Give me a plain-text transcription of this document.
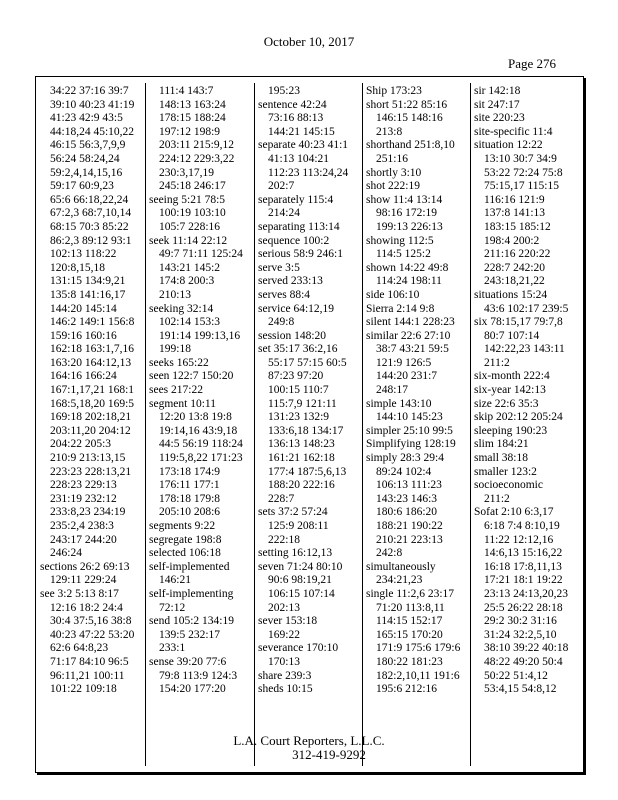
October 10, 2017
Page 276
34:22 37:16 39:7
39:10 40:23 41:19
41:23 42:9 43:5
44:18,24 45:10,22
46:15 56:3,7,9,9
56:24 58:24,24
59:2,4,14,15,16
59:17 60:9,23
65:6 66:18,22,24
67:2,3 68:7,10,14
68:15 70:3 85:22
86:2,3 89:12 93:1
102:13 118:22
120:8,15,18
131:15 134:9,21
135:8 141:16,17
144:20 145:14
146:2 149:1 156:8
159:16 160:16
162:18 163:1,7,16
163:20 164:12,13
164:16 166:24
167:1,17,21 168:1
168:5,18,20 169:5
169:18 202:18,21
203:11,20 204:12
204:22 205:3
210:9 213:13,15
223:23 228:13,21
228:23 229:13
231:19 232:12
233:8,23 234:19
235:2,4 238:3
243:17 244:20
246:24
sections 26:2 69:13
129:11 229:24
see 3:2 5:13 8:17
12:16 18:2 24:4
30:4 37:5,16 38:8
40:23 47:22 53:20
62:6 64:8,23
71:17 84:10 96:5
96:11,21 100:11
101:22 109:18
111:4 143:7
148:13 163:24
178:15 188:24
197:12 198:9
203:11 215:9,12
224:12 229:3,22
230:3,17,19
245:18 246:17
seeing 5:21 78:5
100:19 103:10
105:7 228:16
seek 11:14 22:12
49:7 71:11 125:24
143:21 145:2
174:8 200:3
210:13
seeking 32:14
102:14 153:3
191:14 199:13,16
199:18
seeks 165:22
seen 122:7 150:20
sees 217:22
segment 10:11
12:20 13:8 19:8
19:14,16 43:9,18
44:5 56:19 118:24
119:5,8,22 171:23
173:18 174:9
176:11 177:1
178:18 179:8
205:10 208:6
segments 9:22
segregate 198:8
selected 106:18
self-implemented
146:21
self-implementing
72:12
send 105:2 134:19
139:5 232:17
233:1
sense 39:20 77:6
79:8 113:9 124:3
154:20 177:20
195:23
sentence 42:24
73:16 88:13
144:21 145:15
separate 40:23 41:1
41:13 104:21
112:23 113:24,24
202:7
separately 115:4
214:24
separating 113:14
sequence 100:2
serious 58:9 246:1
serve 3:5
served 233:13
serves 88:4
service 64:12,19
249:8
session 148:20
set 35:17 36:2,16
55:17 57:15 60:5
87:23 97:20
100:15 110:7
115:7,9 121:11
131:23 132:9
133:6,18 134:17
136:13 148:23
161:21 162:18
177:4 187:5,6,13
188:20 222:16
228:7
sets 37:2 57:24
125:9 208:11
222:18
setting 16:12,13
seven 71:24 80:10
90:6 98:19,21
106:15 107:14
202:13
sever 153:18
169:22
severance 170:10
170:13
share 239:3
sheds 10:15
Ship 173:23
short 51:22 85:16
146:15 148:16
213:8
shorthand 251:8,10
251:16
shortly 3:10
shot 222:19
show 11:4 13:14
98:16 172:19
199:13 226:13
showing 112:5
114:5 125:2
shown 14:22 49:8
114:24 198:11
side 106:10
Sierra 2:14 9:8
silent 144:1 228:23
similar 22:6 27:10
38:7 43:21 59:5
121:9 126:5
144:20 231:7
248:17
simple 143:10
144:10 145:23
simpler 25:10 99:5
Simplifying 128:19
simply 28:3 29:4
89:24 102:4
106:13 111:23
143:23 146:3
180:6 186:20
188:21 190:22
210:21 223:13
242:8
simultaneously
234:21,23
single 11:2,6 23:17
71:20 113:8,11
114:15 152:17
165:15 170:20
171:9 175:6 179:6
180:22 181:23
182:2,10,11 191:6
195:6 212:16
sir 142:18
sit 247:17
site 220:23
site-specific 11:4
situation 12:22
13:10 30:7 34:9
53:22 72:24 75:8
75:15,17 115:15
116:16 121:9
137:8 141:13
183:15 185:12
198:4 200:2
211:16 220:22
228:7 242:20
243:18,21,22
situations 15:24
43:6 102:17 239:5
six 78:15,17 79:7,8
80:7 107:14
142:22,23 143:11
211:2
six-month 222:4
six-year 142:13
size 22:6 35:3
skip 202:12 205:24
sleeping 190:23
slim 184:21
small 38:18
smaller 123:2
socioeconomic
211:2
Sofat 2:10 6:3,17
6:18 7:4 8:10,19
11:22 12:12,16
14:6,13 15:16,22
16:18 17:8,11,13
17:21 18:1 19:22
23:13 24:13,20,23
25:5 26:22 28:18
29:2 30:2 31:16
31:24 32:2,5,10
38:10 39:22 40:18
48:22 49:20 50:4
50:22 51:4,12
53:4,15 54:8,12
L.A. Court Reporters, L.L.C.
312-419-9292
